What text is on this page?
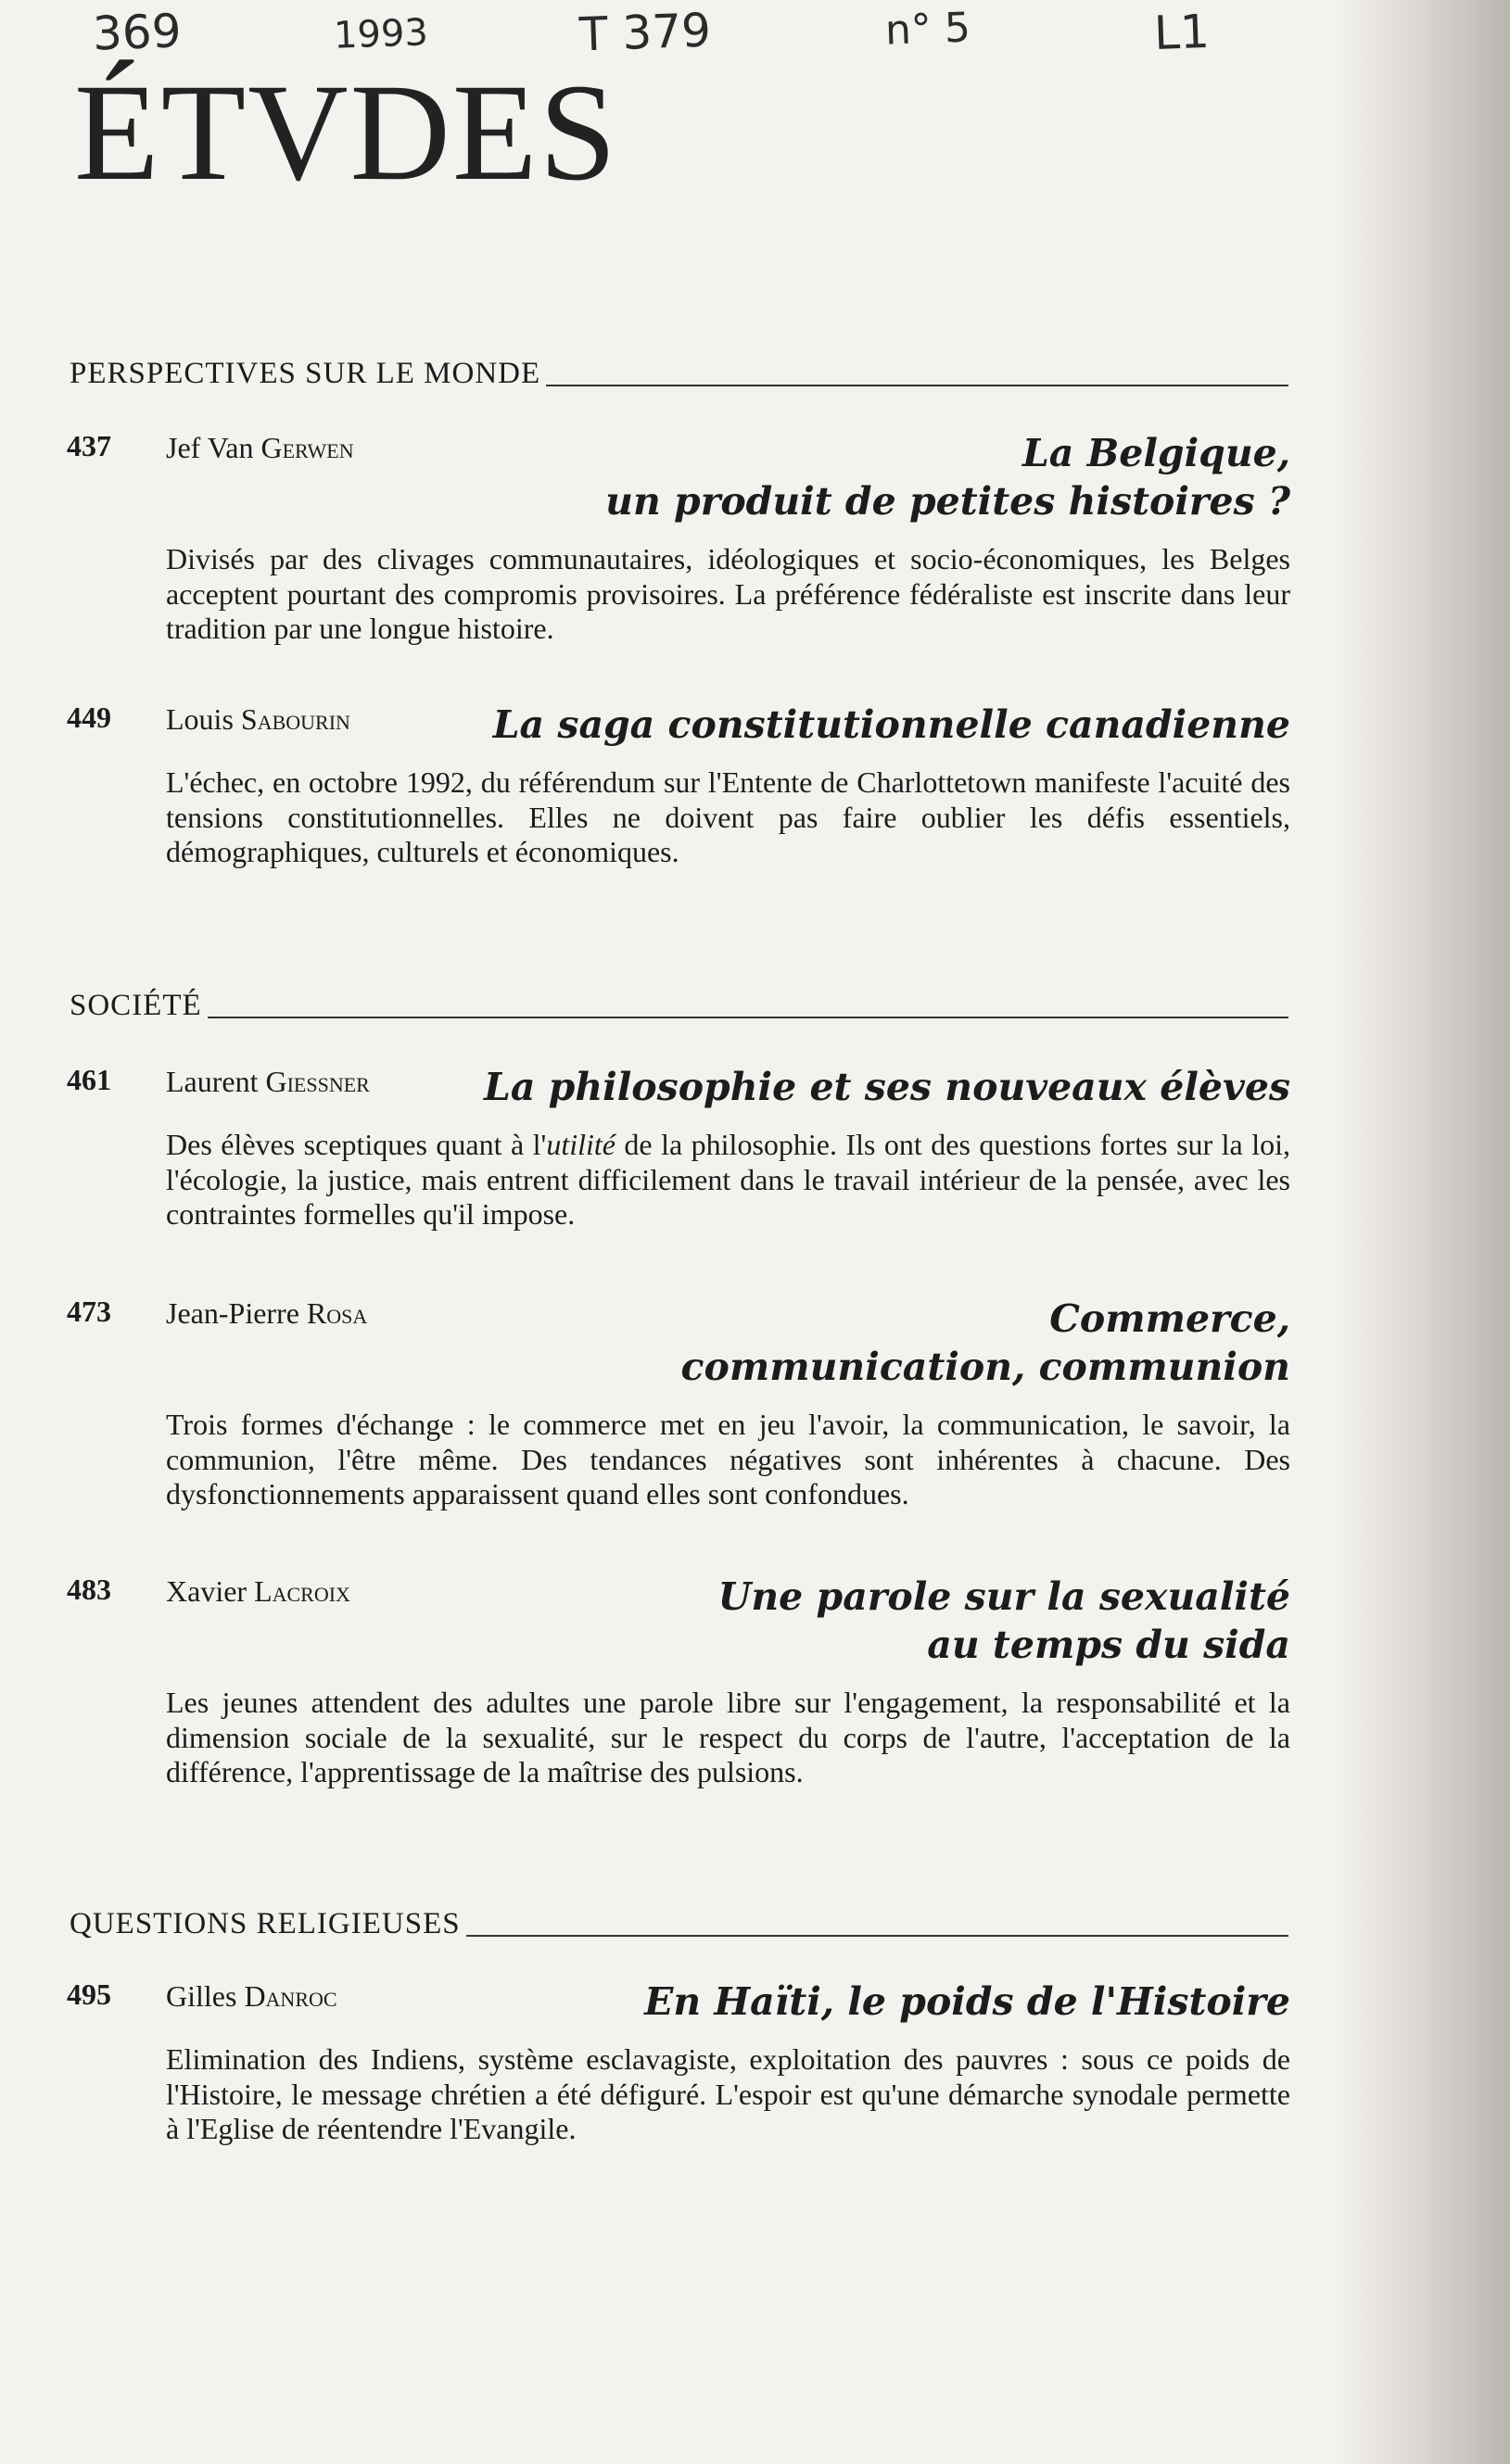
369	1993	T 379	n° 5	L1
ÉTVDES
PERSPECTIVES SUR LE MONDE
437 Jef Van Gerwen	La Belgique,
un produit de petites histoires ?

Divisés par des clivages communautaires, idéologiques et socio-économiques, les Belges acceptent pourtant des compromis provisoires. La préférence fédéraliste est inscrite dans leur tradition par une longue histoire.

449 Louis Sabourin	La saga constitutionnelle canadienne

L'échec, en octobre 1992, du référendum sur l'Entente de Charlottetown manifeste l'acuité des tensions constitutionnelles. Elles ne doivent pas faire oublier les défis essentiels, démographiques, culturels et économiques.

SOCIÉTÉ
461 Laurent Giessner	La philosophie et ses nouveaux élèves

Des élèves sceptiques quant à l'utilité de la philosophie. Ils ont des questions fortes sur la loi, l'écologie, la justice, mais entrent difficilement dans le travail intérieur de la pensée, avec les contraintes formelles qu'il impose.

473 Jean-Pierre Rosa	Commerce,
communication, communion

Trois formes d'échange : le commerce met en jeu l'avoir, la communication, le savoir, la communion, l'être même. Des tendances négatives sont inhérentes à chacune. Des dysfonctionnements apparaissent quand elles sont confondues.

483 Xavier Lacroix	Une parole sur la sexualité
au temps du sida

Les jeunes attendent des adultes une parole libre sur l'engagement, la responsabilité et la dimension sociale de la sexualité, sur le respect du corps de l'autre, l'acceptation de la différence, l'apprentissage de la maîtrise des pulsions.

QUESTIONS RELIGIEUSES
495 Gilles Danroc	En Haïti, le poids de l'Histoire

Elimination des Indiens, système esclavagiste, exploitation des pauvres : sous ce poids de l'Histoire, le message chrétien a été défiguré. L'espoir est qu'une démarche synodale permette à l'Eglise de réentendre l'Evangile.
